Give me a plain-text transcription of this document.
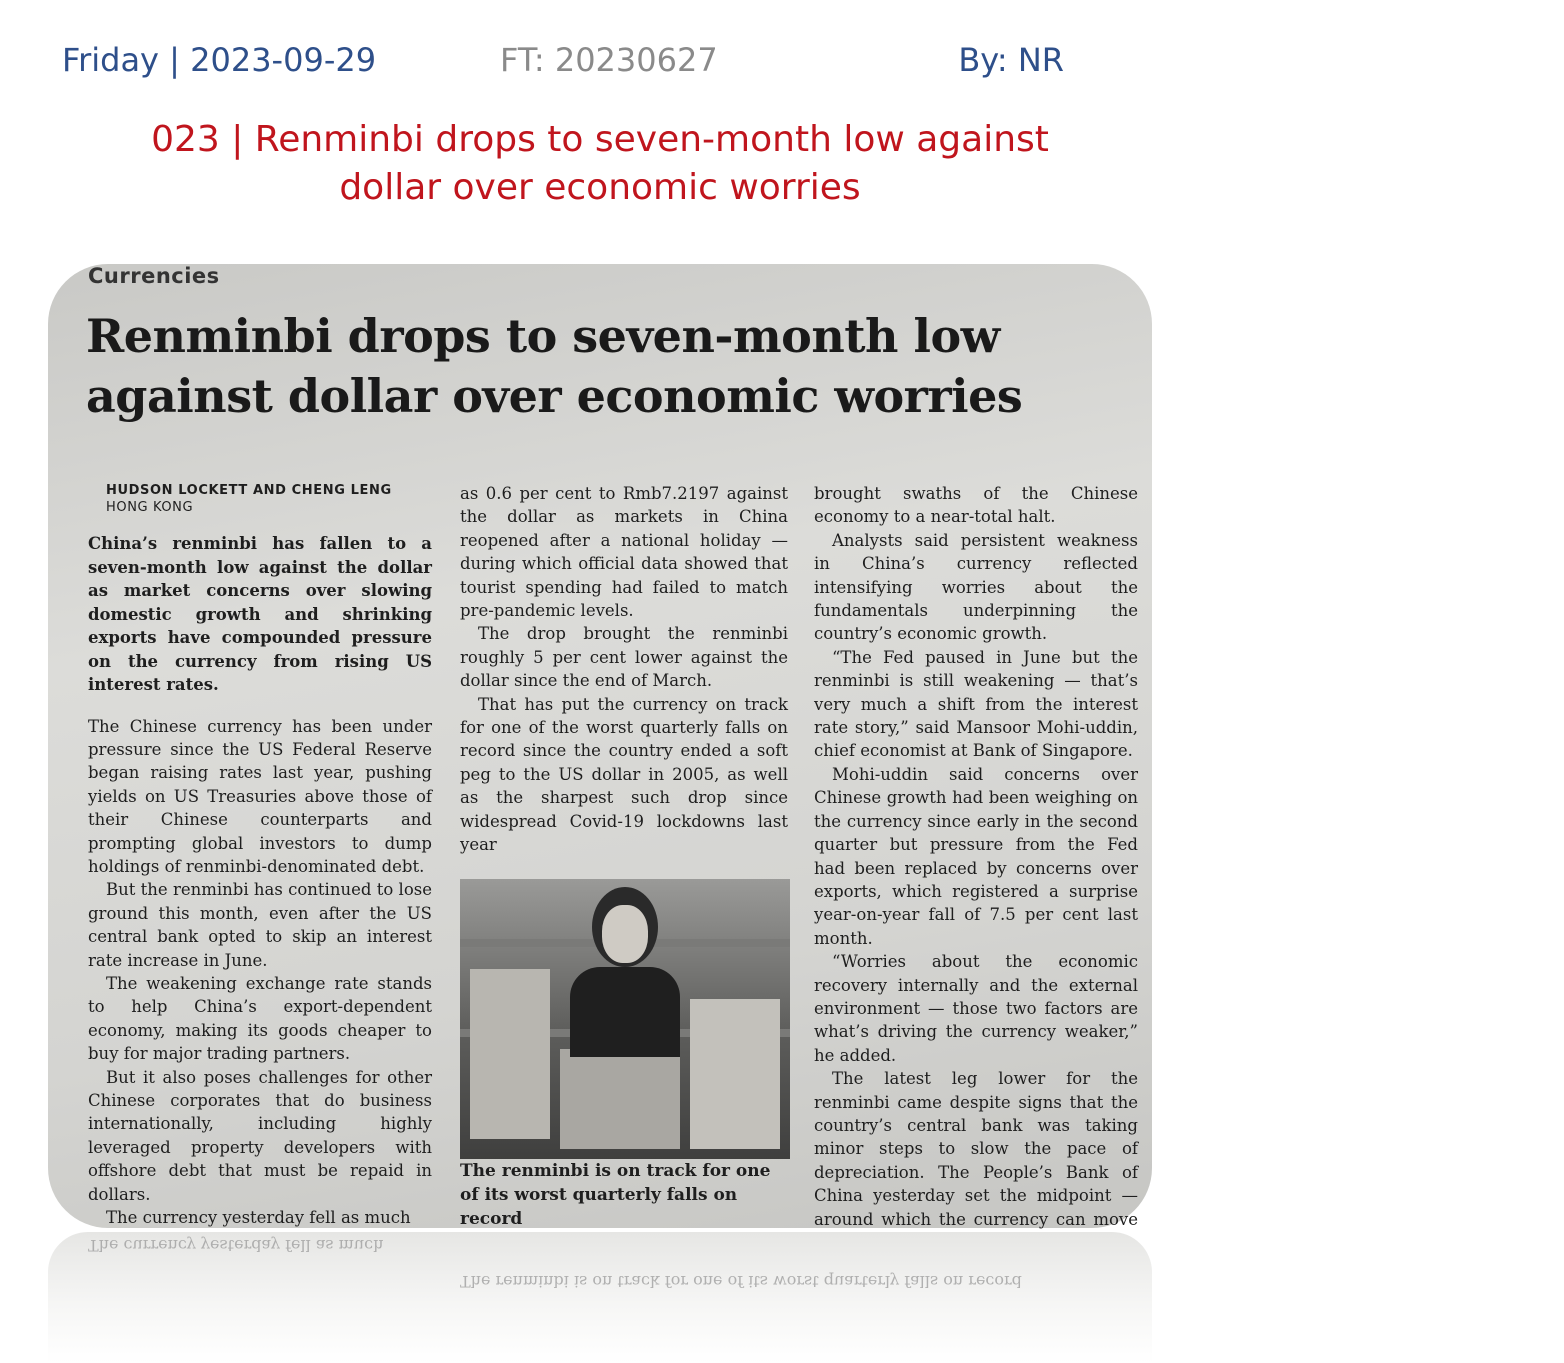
Friday | 2023-09-29	FT: 20230627	By: NR
023 | Renminbi drops to seven-month low against dollar over economic worries
Currencies
Renminbi drops to seven-month low
against dollar over economic worries

HUDSON LOCKETT AND CHENG LENG

HONG KONG

China’s renminbi has fallen to a seven-month low against the dollar as market concerns over slowing domestic growth and shrinking exports have compounded pressure on the currency from rising US interest rates.

The Chinese currency has been under pressure since the US Federal Reserve began raising rates last year, pushing yields on US Treasuries above those of their Chinese counterparts and prompting global investors to dump holdings of renminbi-denominated debt.

But the renminbi has continued to lose ground this month, even after the US central bank opted to skip an interest rate increase in June.

The weakening exchange rate stands to help China’s export-dependent economy, making its goods cheaper to buy for major trading partners.

But it also poses challenges for other Chinese corporates that do business internationally, including highly leveraged property developers with offshore debt that must be repaid in dollars.

The currency yesterday fell as much

as 0.6 per cent to Rmb7.2197 against the dollar as markets in China reopened after a national holiday — during which official data showed that tourist spending had failed to match pre-pandemic levels.

The drop brought the renminbi roughly 5 per cent lower against the dollar since the end of March.

That has put the currency on track for one of the worst quarterly falls on record since the country ended a soft peg to the US dollar in 2005, as well as the sharpest such drop since widespread Covid-19 lockdowns last year

The renminbi is on track for one of its worst quarterly falls on record

brought swaths of the Chinese economy to a near-total halt.

Analysts said persistent weakness in China’s currency reflected intensifying worries about the fundamentals underpinning the country’s economic growth.

“The Fed paused in June but the renminbi is still weakening — that’s very much a shift from the interest rate story,” said Mansoor Mohi-uddin, chief economist at Bank of Singapore.

Mohi-uddin said concerns over Chinese growth had been weighing on the currency since early in the second quarter but pressure from the Fed had been replaced by concerns over exports, which registered a surprise year-on-year fall of 7.5 per cent last month.

“Worries about the economic recovery internally and the external environment — those two factors are what’s driving the currency weaker,” he added.

The latest leg lower for the renminbi came despite signs that the country’s central bank was taking minor steps to slow the pace of depreciation. The People’s Bank of China yesterday set the midpoint — around which the currency can move

The currency yesterday fell as much
The renminbi is on track for one of its worst quarterly falls on record
